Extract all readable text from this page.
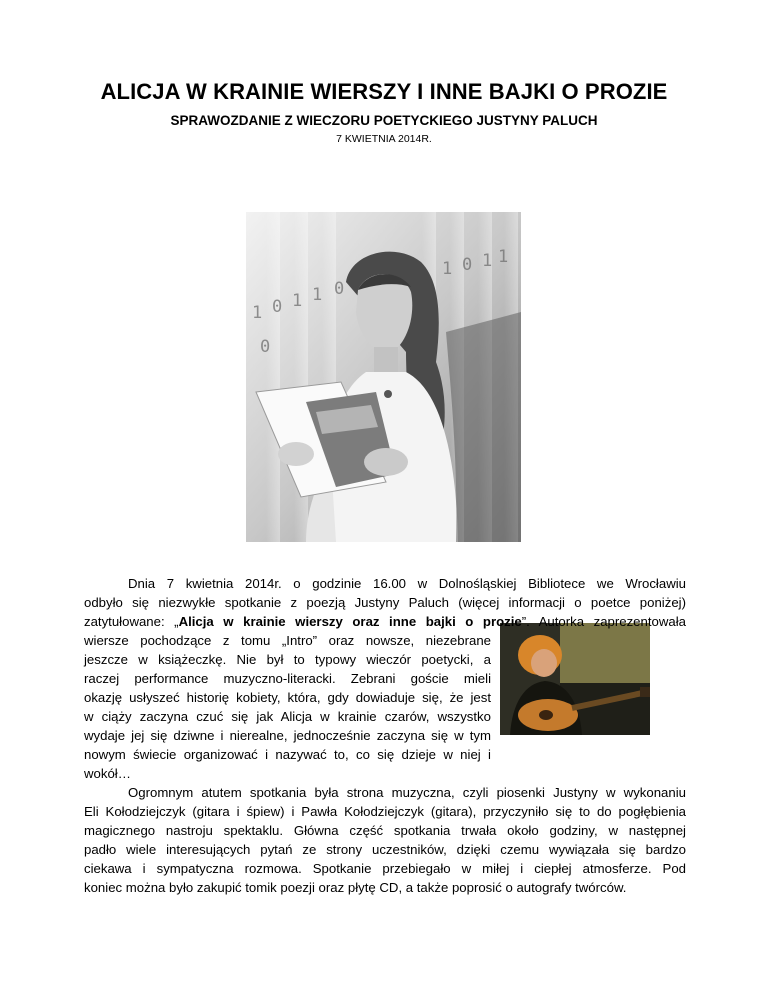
ALICJA W KRAINIE WIERSZY I INNE BAJKI O PROZIE
SPRAWOZDANIE Z WIECZORU POETYCKIEGO JUSTYNY PALUCH
7 KWIETNIA 2014R.
1 0 1 1 0
1 0 1 1
0
Dnia 7 kwietnia 2014r. o godzinie 16.00 w Dolnośląskiej Bibliotece we Wrocławiu
odbyło się niezwykłe spotkanie z poezją Justyny Paluch (więcej informacji o poetce poniżej)
zatytułowane: „Alicja w krainie wierszy oraz inne bajki o prozie”. Autorka zaprezentowała
wiersze pochodzące z tomu „Intro” oraz nowsze, niezebrane
jeszcze w książeczkę. Nie był to typowy wieczór poetycki, a
raczej performance muzyczno-literacki. Zebrani goście mieli
okazję usłyszeć historię kobiety, która, gdy dowiaduje się, że jest
w ciąży zaczyna czuć się jak Alicja w krainie czarów, wszystko
wydaje jej się dziwne i nierealne, jednocześnie zaczyna się w tym
nowym świecie organizować i nazywać to, co się dzieje w niej i
wokół…
Ogromnym atutem spotkania była strona muzyczna, czyli piosenki Justyny w wykonaniu
Eli Kołodziejczyk (gitara i śpiew) i Pawła Kołodziejczyk (gitara), przyczyniło się to do pogłębienia
magicznego nastroju spektaklu. Główna część spotkania trwała około godziny, w następnej
padło wiele interesujących pytań ze strony uczestników, dzięki czemu wywiązała się bardzo
ciekawa i sympatyczna rozmowa. Spotkanie przebiegało w miłej i ciepłej atmosferze. Pod
koniec można było zakupić tomik poezji oraz płytę CD, a także poprosić o autografy twórców.
